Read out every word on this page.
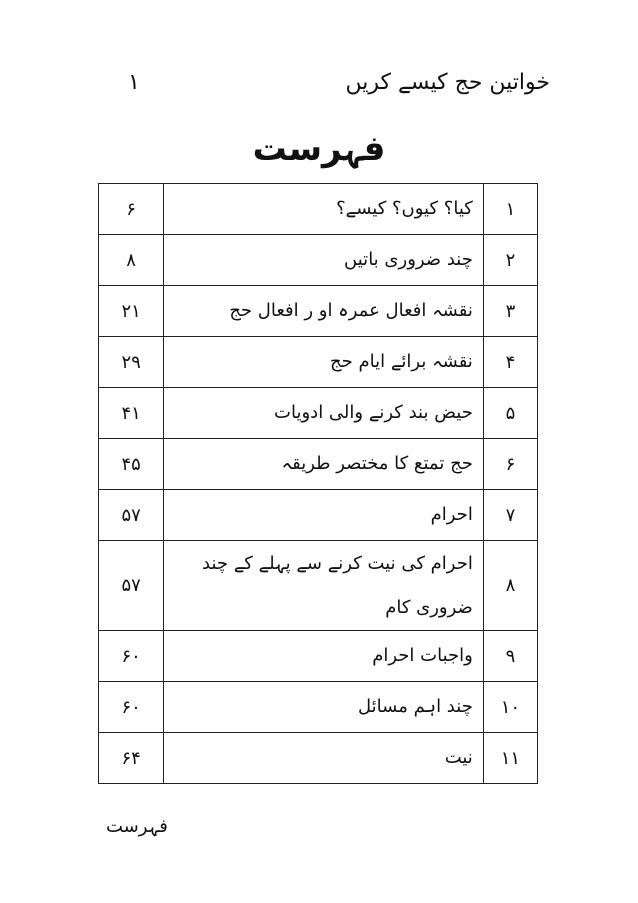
۱	خواتین حج کیسے کریں
فہرست
۱	کیا؟ کیوں؟ کیسے؟	۶
۲	چند ضروری باتیں	۸
۳	نقشہ افعال عمرہ او ر افعال حج	۲۱
۴	نقشہ برائے ایام حج	۲۹
۵	حیض بند کرنے والی ادویات	۴۱
۶	حج تمتع کا مختصر طریقہ	۴۵
۷	احرام	۵۷
۸	احرام کی نیت کرنے سے پہلے کے چند ضروری کام	۵۷
۹	واجبات احرام	۶۰
۱۰	چند اہم مسائل	۶۰
۱۱	نیت	۶۴
فہرست
